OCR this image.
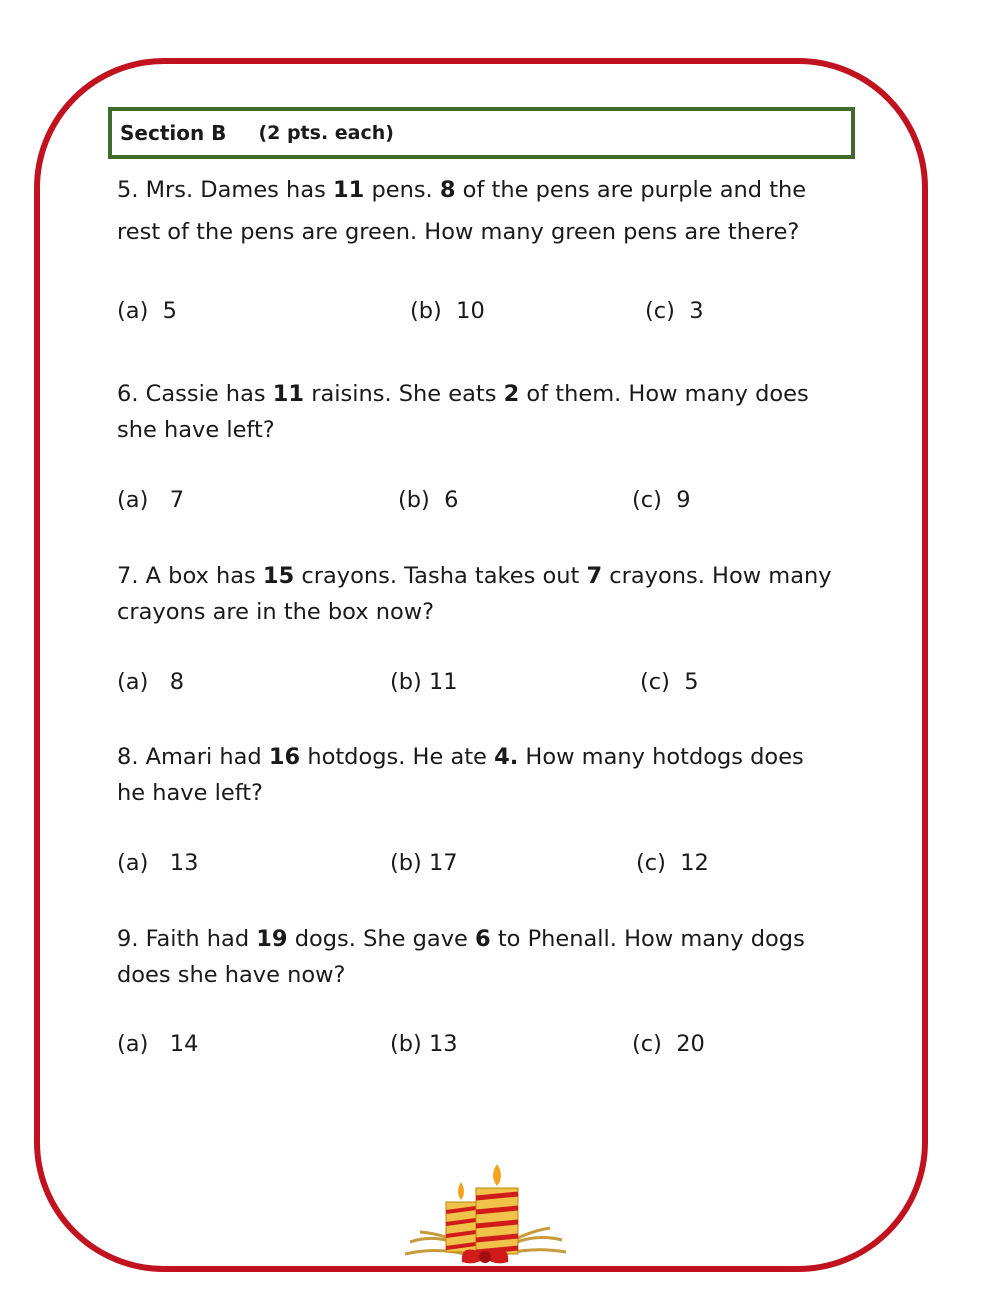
Section B (2 pts. each)
5. Mrs. Dames has 11 pens. 8 of the pens are purple and the
rest of the pens are green. How many green pens are there?
(a)  5	(b)  10	(c)  3
6. Cassie has 11 raisins. She eats 2 of them. How many does
she have left?
(a)   7	(b)  6	(c)  9
7. A box has 15 crayons. Tasha takes out 7 crayons. How many
crayons are in the box now?
(a)   8	(b) 11	(c)  5
8. Amari had 16 hotdogs. He ate 4. How many hotdogs does
he have left?
(a)   13	(b) 17	(c)  12
9. Faith had 19 dogs. She gave 6 to Phenall. How many dogs
does she have now?
(a)   14	(b) 13	(c)  20
